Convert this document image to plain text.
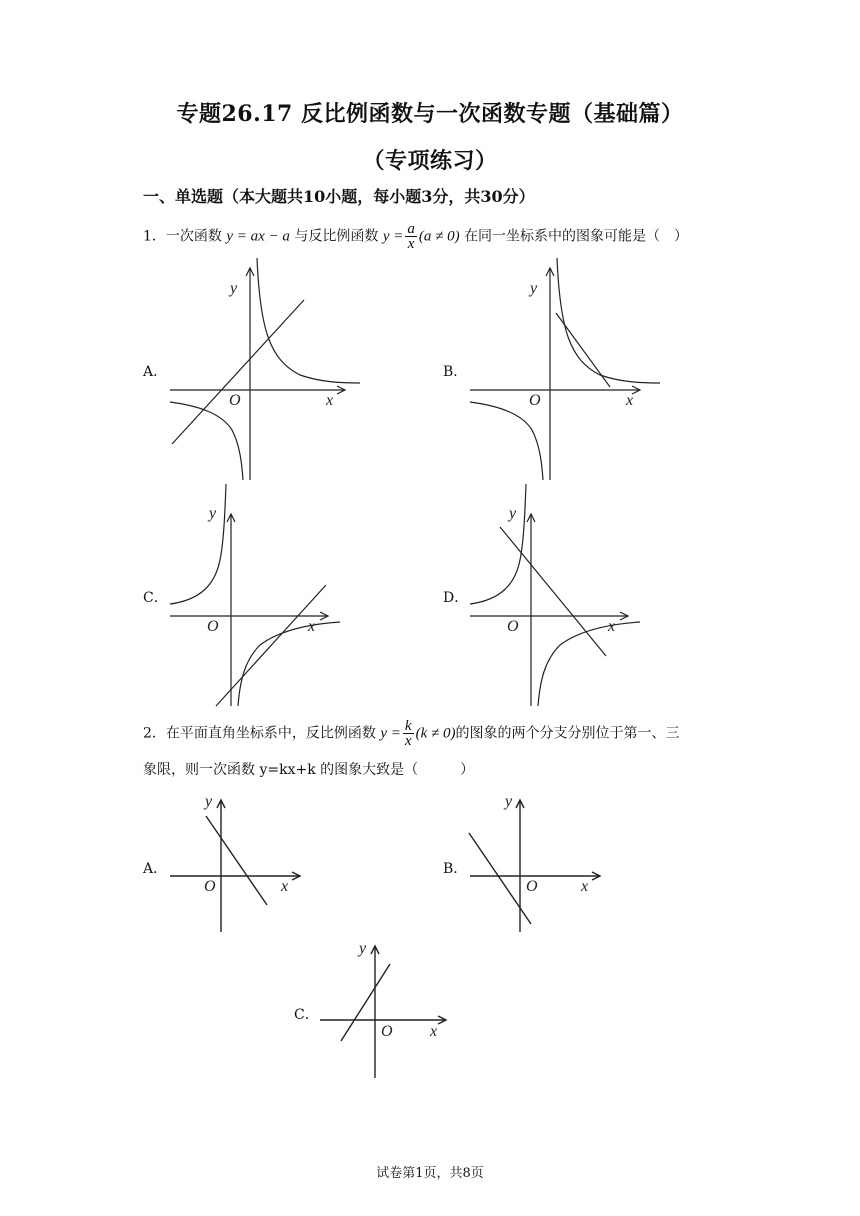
专题26.17 反比例函数与一次函数专题（基础篇）
（专项练习）
一、单选题（本大题共10小题，每小题3分，共30分）
1．一次函数 y = ax − a 与反比例函数 $y = \frac{a}{x} (a \ne 0)$ 在同一坐标系中的图象可能是（　）
A．	B．
C．	D．
y
x
O
y
x
O
y
x
O
y
x
O
2．在平面直角坐标系中，反比例函数 $y = \frac{k}{x} (k \ne 0)$的图象的两个分支分别位于第一、三
象限，则一次函数 y=kx+k 的图象大致是（　　　）
A．	B．
C．
y
x
O
y
x
O
y
x
O
试卷第1页，共8页
